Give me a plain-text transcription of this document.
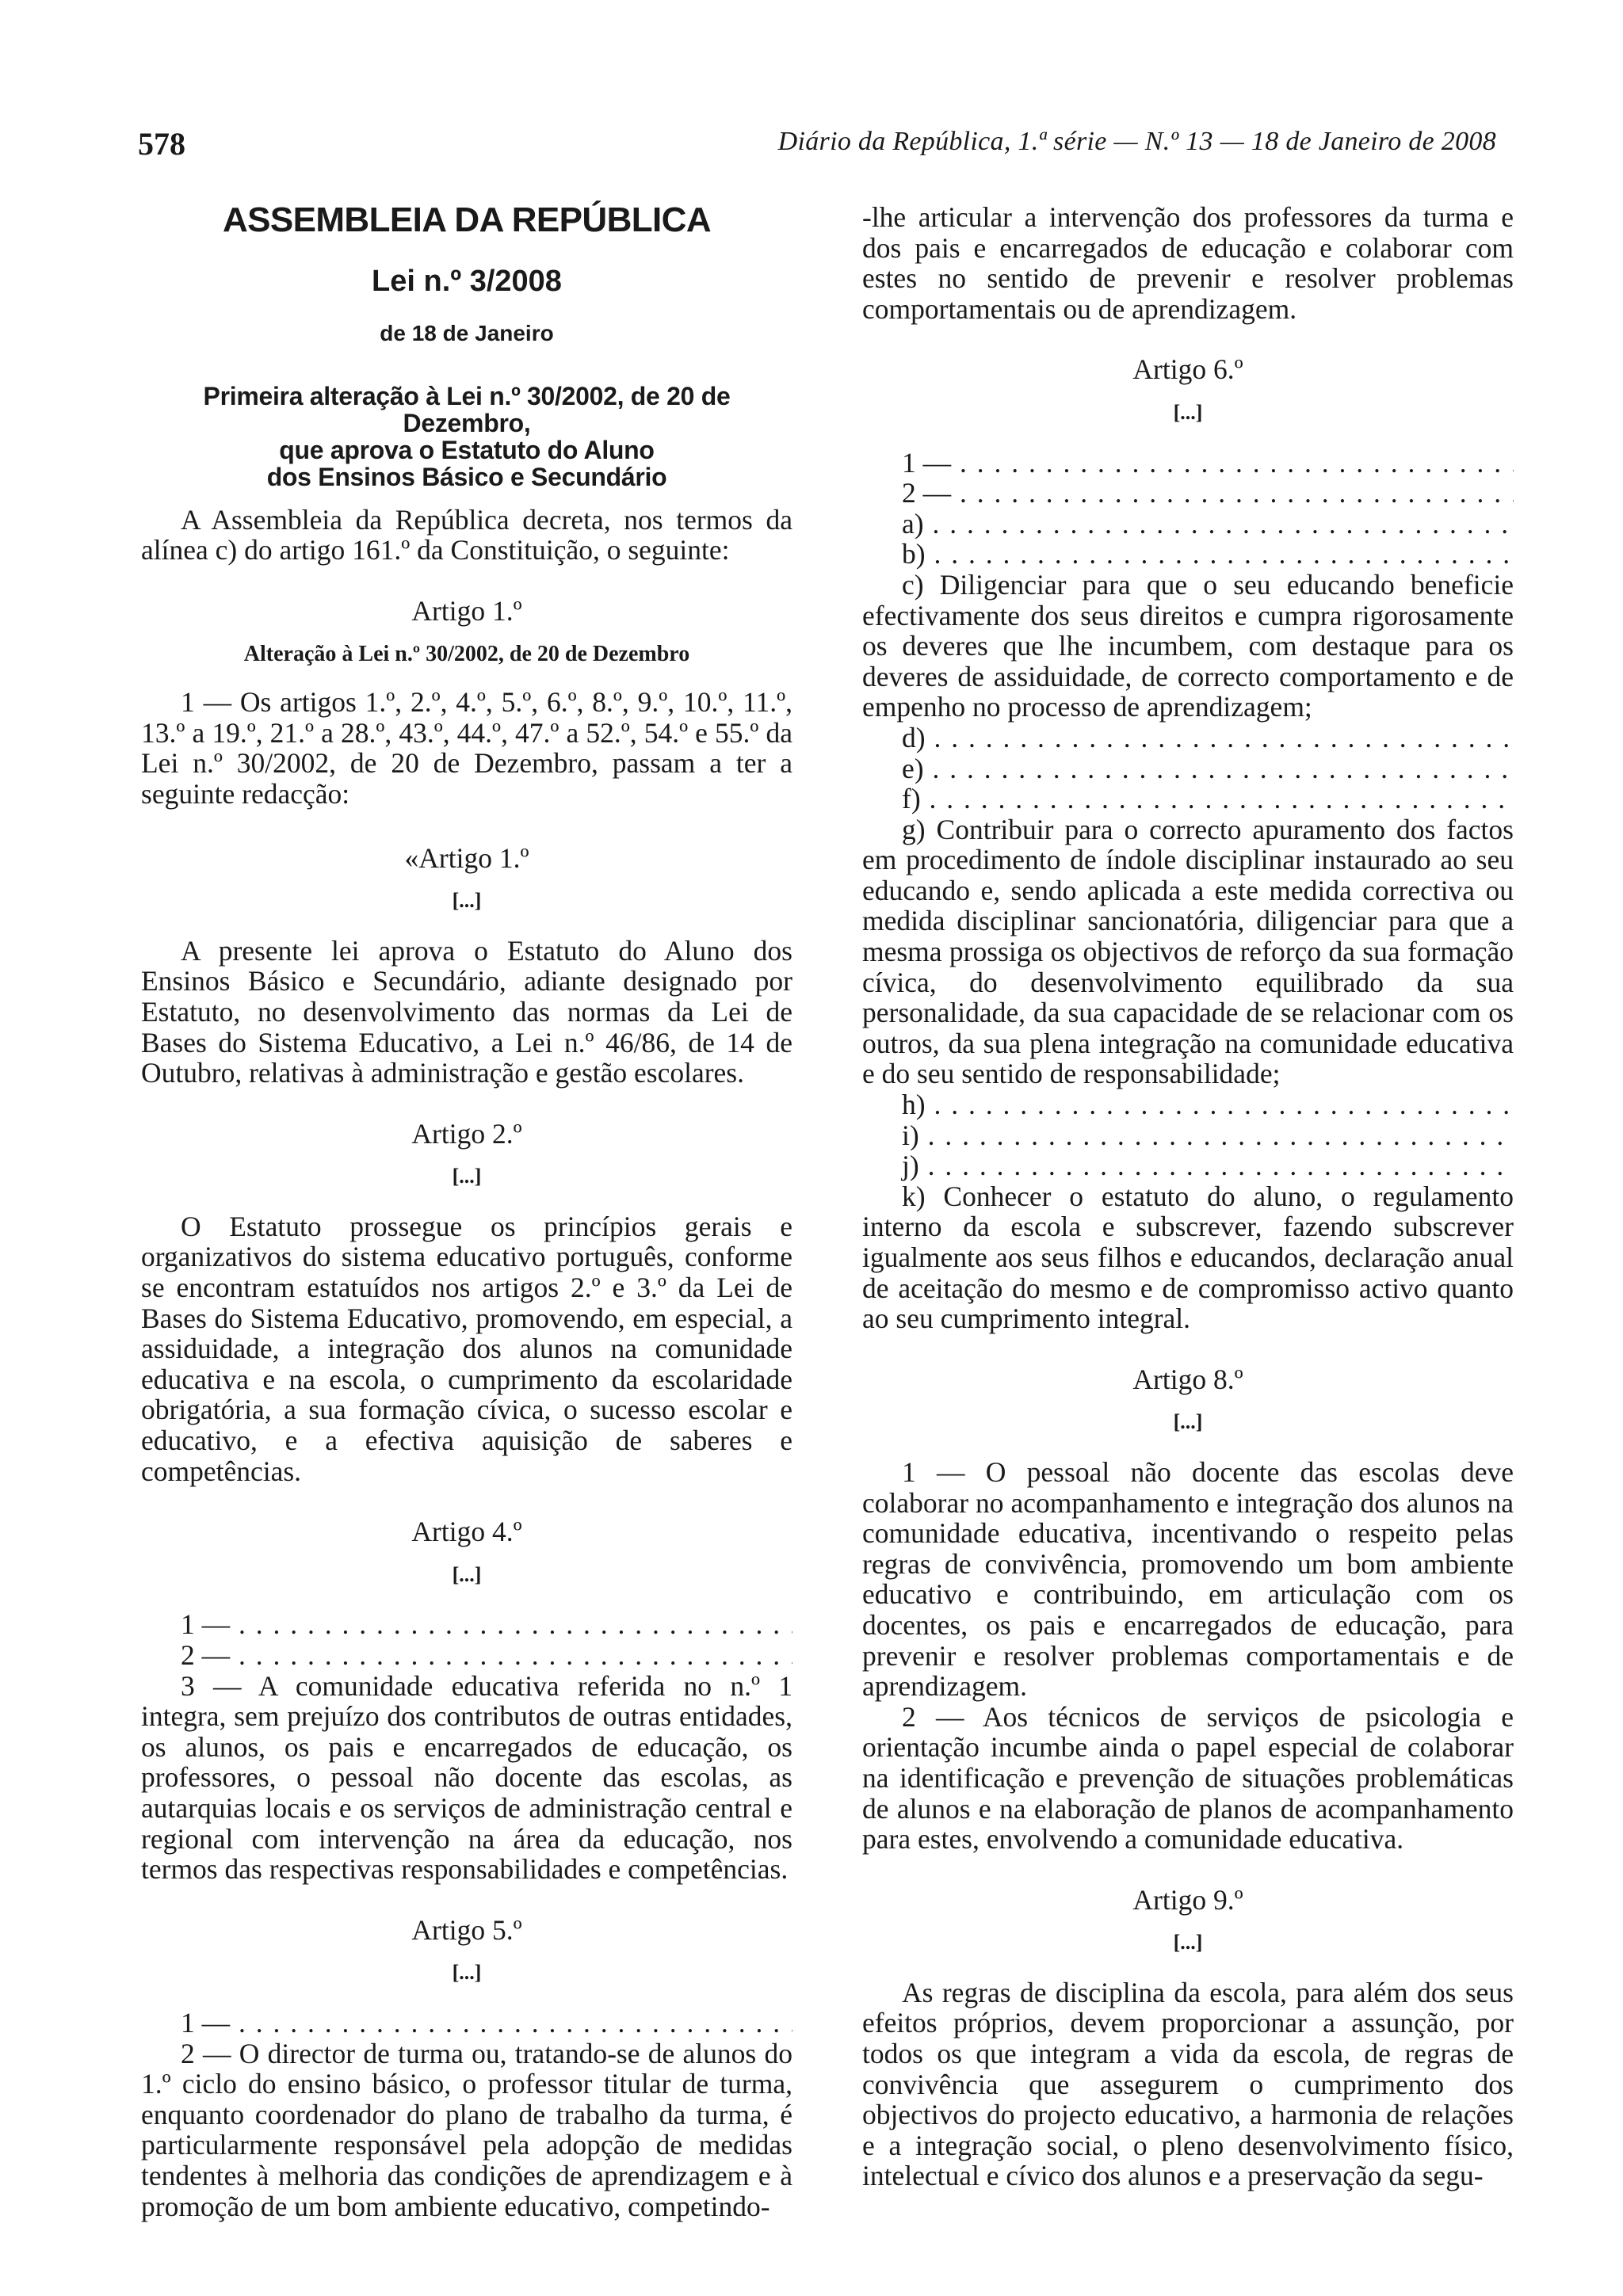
578	Diário da República, 1.ª série — N.º 13 — 18 de Janeiro de 2008
ASSEMBLEIA DA REPÚBLICA
Lei n.º 3/2008
de 18 de Janeiro
Primeira alteração à Lei n.º 30/2002, de 20 de Dezembro,
que aprova o Estatuto do Aluno
dos Ensinos Básico e Secundário

A Assembleia da República decreta, nos termos da alínea c) do artigo 161.º da Constituição, o seguinte:

Artigo 1.º
Alteração à Lei n.º 30/2002, de 20 de Dezembro

1 — Os artigos 1.º, 2.º, 4.º, 5.º, 6.º, 8.º, 9.º, 10.º, 11.º, 13.º a 19.º, 21.º a 28.º, 43.º, 44.º, 47.º a 52.º, 54.º e 55.º da Lei n.º 30/2002, de 20 de Dezembro, passam a ter a seguinte redacção:

«Artigo 1.º
[...]

A presente lei aprova o Estatuto do Aluno dos Ensinos Básico e Secundário, adiante designado por Estatuto, no desenvolvimento das normas da Lei de Bases do Sistema Educativo, a Lei n.º 46/86, de 14 de Outubro, relativas à administração e gestão escolares.

Artigo 2.º
[...]

O Estatuto prossegue os princípios gerais e organizativos do sistema educativo português, conforme se encontram estatuídos nos artigos 2.º e 3.º da Lei de Bases do Sistema Educativo, promovendo, em especial, a assiduidade, a integração dos alunos na comunidade educativa e na escola, o cumprimento da escolaridade obrigatória, a sua formação cívica, o sucesso escolar e educativo, e a efectiva aquisição de saberes e competências.

Artigo 4.º
[...]

1 — . . .

2 — . . .

3 — A comunidade educativa referida no n.º 1 integra, sem prejuízo dos contributos de outras entidades, os alunos, os pais e encarregados de educação, os professores, o pessoal não docente das escolas, as autarquias locais e os serviços de administração central e regional com intervenção na área da educação, nos termos das respectivas responsabilidades e competências.

Artigo 5.º
[...]

1 — . . .

2 — O director de turma ou, tratando-se de alunos do 1.º ciclo do ensino básico, o professor titular de turma, enquanto coordenador do plano de trabalho da turma, é particularmente responsável pela adopção de medidas tendentes à melhoria das condições de aprendizagem e à promoção de um bom ambiente educativo, competindo-

-lhe articular a intervenção dos professores da turma e dos pais e encarregados de educação e colaborar com estes no sentido de prevenir e resolver problemas comportamentais ou de aprendizagem.

Artigo 6.º
[...]

1 — . . .

2 — . . .

a) . . .

b) . . .

c) Diligenciar para que o seu educando beneficie efectivamente dos seus direitos e cumpra rigorosamente os deveres que lhe incumbem, com destaque para os deveres de assiduidade, de correcto comportamento e de empenho no processo de aprendizagem;

d) . . .

e) . . .

f) . . .

g) Contribuir para o correcto apuramento dos factos em procedimento de índole disciplinar instaurado ao seu educando e, sendo aplicada a este medida correctiva ou medida disciplinar sancionatória, diligenciar para que a mesma prossiga os objectivos de reforço da sua formação cívica, do desenvolvimento equilibrado da sua personalidade, da sua capacidade de se relacionar com os outros, da sua plena integração na comunidade educativa e do seu sentido de responsabilidade;

h) . . .

i) . . .

j) . . .

k) Conhecer o estatuto do aluno, o regulamento interno da escola e subscrever, fazendo subscrever igualmente aos seus filhos e educandos, declaração anual de aceitação do mesmo e de compromisso activo quanto ao seu cumprimento integral.

Artigo 8.º
[...]

1 — O pessoal não docente das escolas deve colaborar no acompanhamento e integração dos alunos na comunidade educativa, incentivando o respeito pelas regras de convivência, promovendo um bom ambiente educativo e contribuindo, em articulação com os docentes, os pais e encarregados de educação, para prevenir e resolver problemas comportamentais e de aprendizagem.

2 — Aos técnicos de serviços de psicologia e orientação incumbe ainda o papel especial de colaborar na identificação e prevenção de situações problemáticas de alunos e na elaboração de planos de acompanhamento para estes, envolvendo a comunidade educativa.

Artigo 9.º
[...]

As regras de disciplina da escola, para além dos seus efeitos próprios, devem proporcionar a assunção, por todos os que integram a vida da escola, de regras de convivência que assegurem o cumprimento dos objectivos do projecto educativo, a harmonia de relações e a integração social, o pleno desenvolvimento físico, intelectual e cívico dos alunos e a preservação da segu-
